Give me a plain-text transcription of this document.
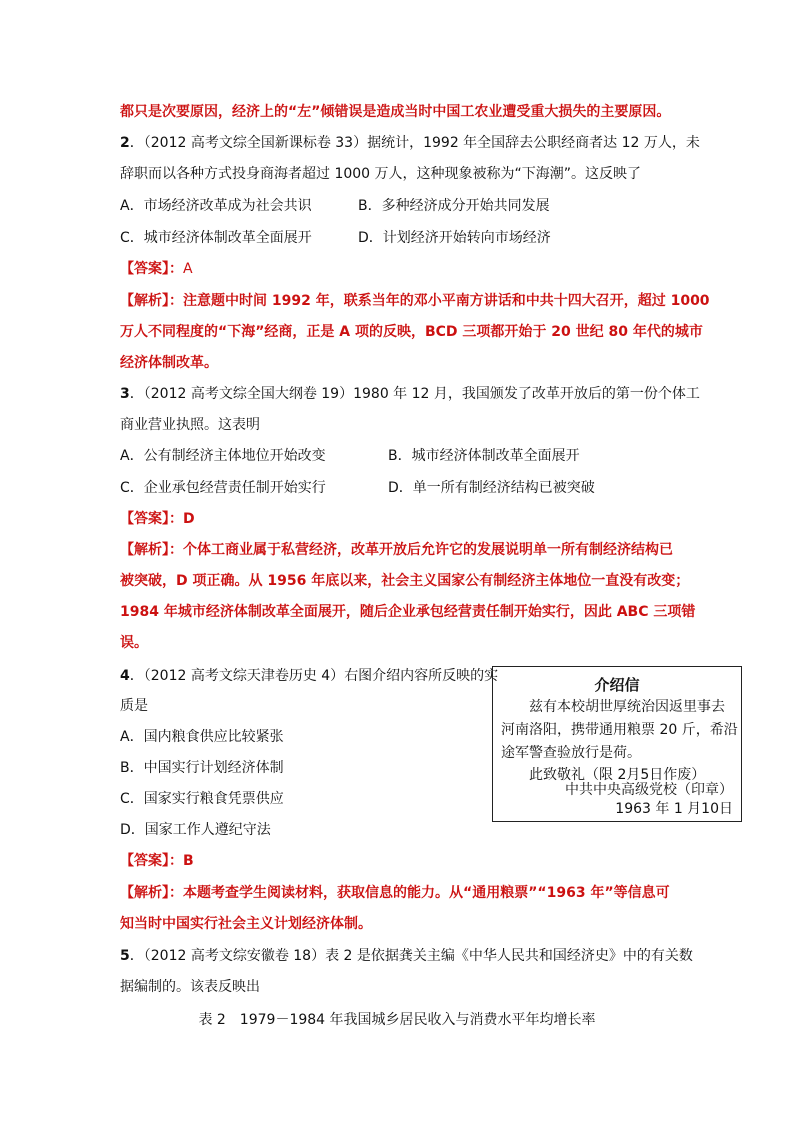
都只是次要原因，经济上的“左”倾错误是造成当时中国工农业遭受重大损失的主要原因。
2．（2012 高考文综全国新课标卷 33）据统计，1992 年全国辞去公职经商者达 12 万人，未
辞职而以各种方式投身商海者超过 1000 万人，这种现象被称为“下海潮”。这反映了
A．市场经济改革成为社会共识	B．多种经济成分开始共同发展
C．城市经济体制改革全面展开	D．计划经济开始转向市场经济
【答案】：A
【解析】：注意题中时间 1992 年，联系当年的邓小平南方讲话和中共十四大召开，超过 1000
万人不同程度的“下海”经商，正是 A 项的反映，BCD 三项都开始于 20 世纪 80 年代的城市
经济体制改革。
3．（2012 高考文综全国大纲卷 19）1980 年 12 月，我国颁发了改革开放后的第一份个体工
商业营业执照。这表明
A．公有制经济主体地位开始改变	B．城市经济体制改革全面展开
C．企业承包经营责任制开始实行	D．单一所有制经济结构已被突破
【答案】：D
【解析】：个体工商业属于私营经济，改革开放后允许它的发展说明单一所有制经济结构已
被突破，D 项正确。从 1956 年底以来，社会主义国家公有制经济主体地位一直没有改变；
1984 年城市经济体制改革全面展开，随后企业承包经营责任制开始实行，因此 ABC 三项错
误。
4．（2012 高考文综天津卷历史 4）右图介绍内容所反映的实
质是
A．国内粮食供应比较紧张
B．中国实行计划经济体制
C．国家实行粮食凭票供应
D．国家工作人遵纪守法
【答案】：B
【解析】：本题考查学生阅读材料，获取信息的能力。从“通用粮票”“1963 年”等信息可
知当时中国实行社会主义计划经济体制。
介绍信
兹有本校胡世厚统治因返里事去
河南洛阳，携带通用粮票 20 斤，希沿
途军警查验放行是荷。
此致敬礼（限 2月5日作废）
中共中央高级党校（印章）
1963 年 1 月10日
5．（2012 高考文综安徽卷 18）表 2 是依据龚关主编《中华人民共和国经济史》中的有关数
据编制的。该表反映出
表 2　1979－1984 年我国城乡居民收入与消费水平年均增长率
